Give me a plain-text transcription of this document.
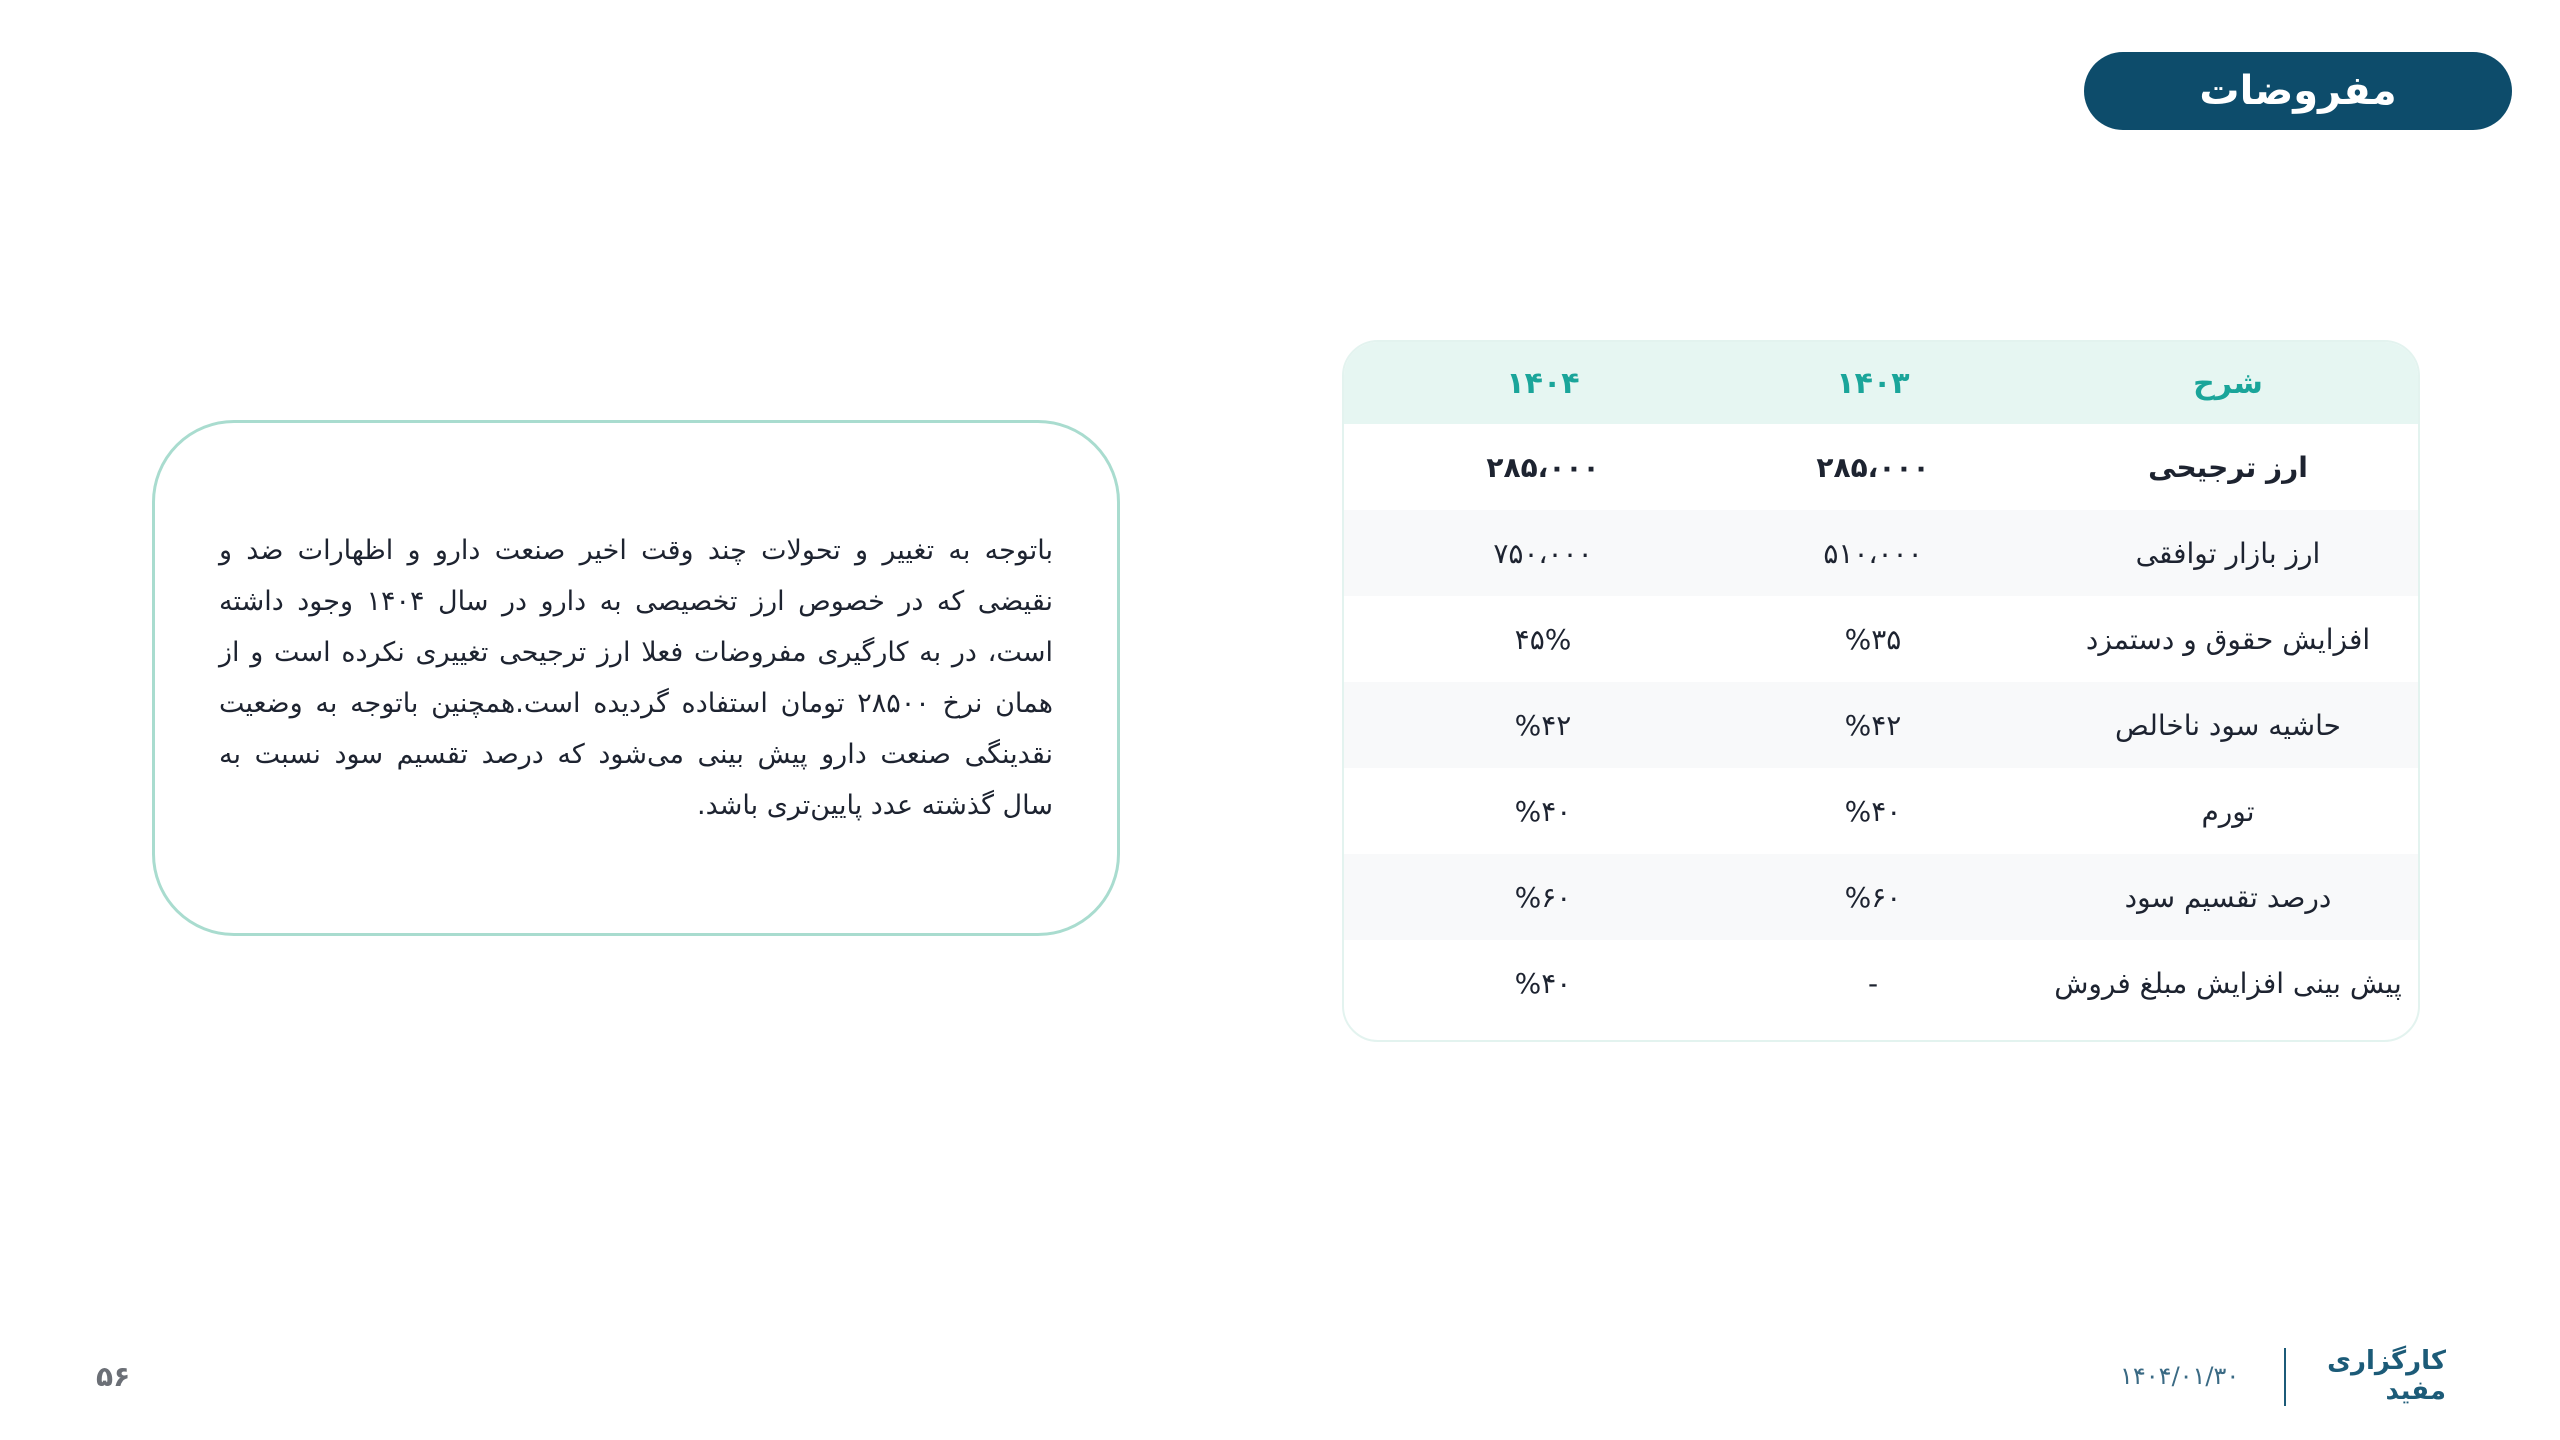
مفروضات

باتوجه به تغییر و تحولات چند وقت اخیر صنعت دارو و اظهارات ضد و نقیضی که در خصوص ارز تخصیصی به دارو در سال ۱۴۰۴ وجود داشته است، در به کارگیری مفروضات فعلا ارز ترجیحی تغییری نکرده است و از همان نرخ ۲۸۵۰۰ تومان استفاده گردیده است.همچنین باتوجه به وضعیت نقدینگی صنعت دارو پیش بینی می‌شود که درصد تقسیم سود نسبت به سال گذشته عدد پایین‌تری باشد.

شرح
۱۴۰۳
۱۴۰۴
ارز ترجیحی
۲۸۵،۰۰۰
۲۸۵،۰۰۰
ارز بازار توافقی
۵۱۰،۰۰۰
۷۵۰،۰۰۰
افزایش حقوق و دستمزد
%۳۵
۴۵%
حاشیه سود ناخالص
%۴۲
%۴۲
تورم
%۴۰
%۴۰
درصد تقسیم سود
%۶۰
%۶۰
پیش بینی افزایش مبلغ فروش
-
%۴۰
کارگزاری مفید
۱۴۰۴/۰۱/۳۰
۵۶
